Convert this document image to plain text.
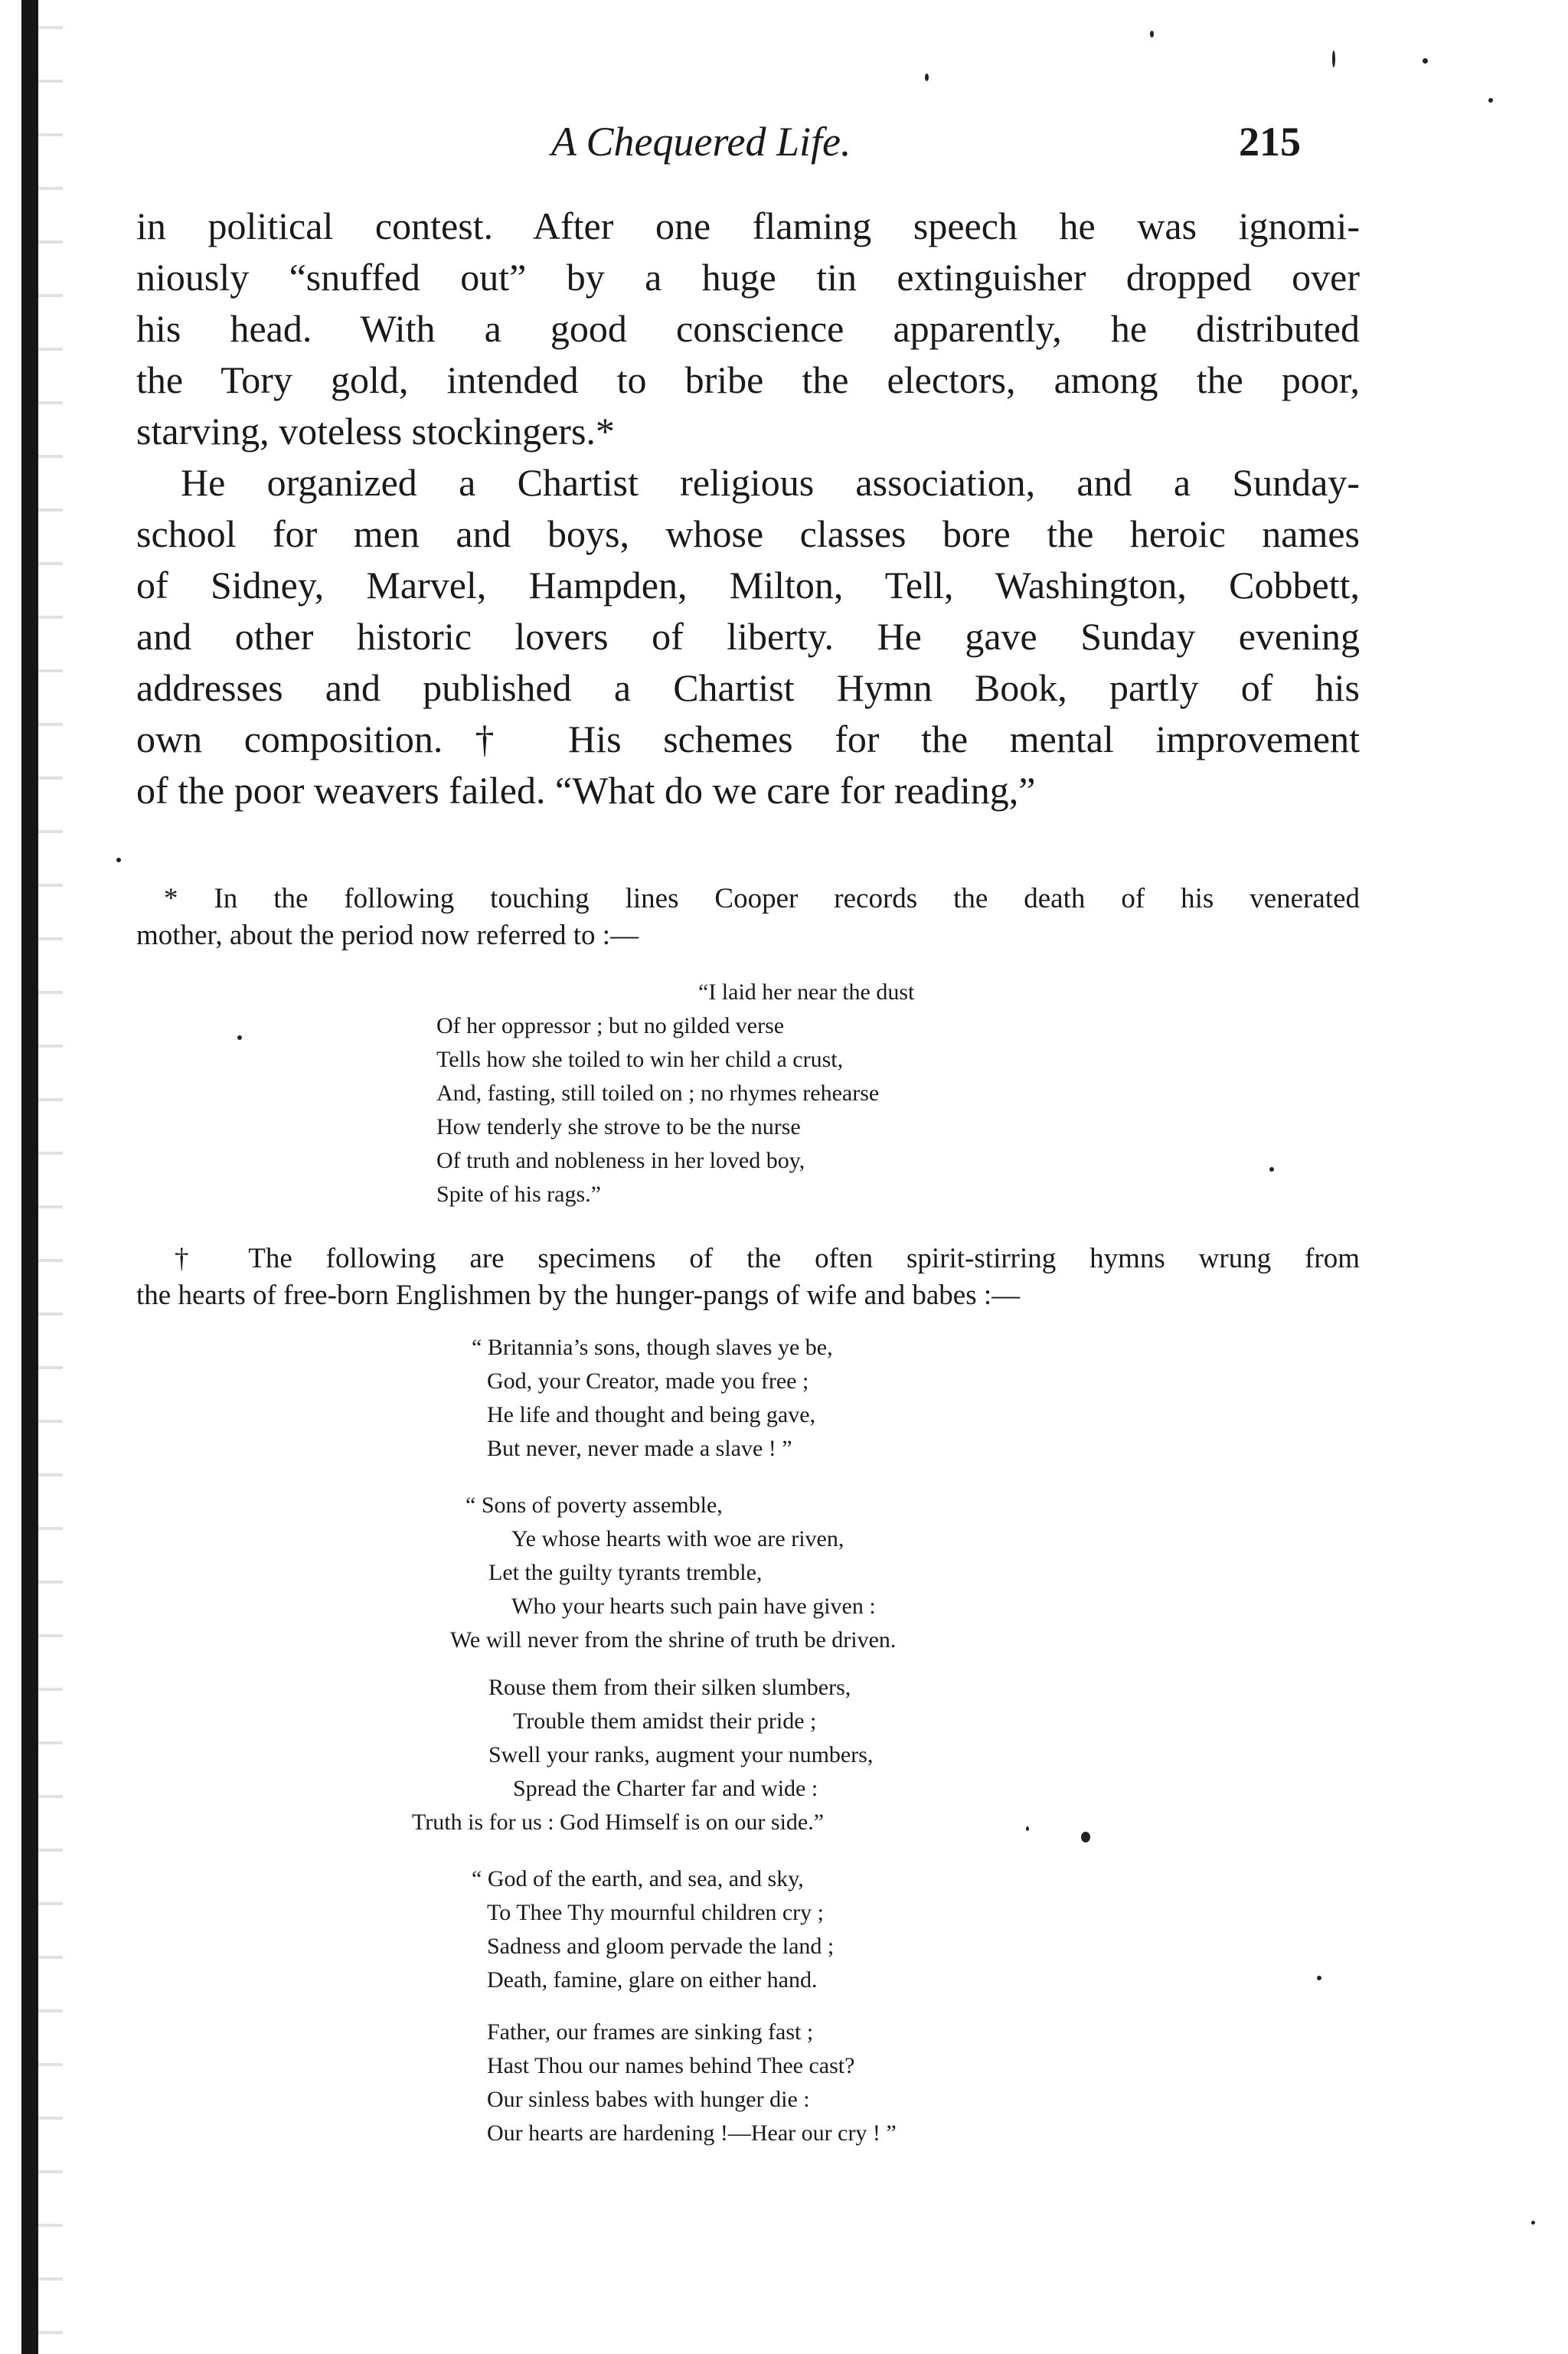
A Chequered Life.	215
in political contest. After one flaming speech he was ignomi-
niously “snuffed out” by a huge tin extinguisher dropped over
his head. With a good conscience apparently, he distributed
the Tory gold, intended to bribe the electors, among the poor,
starving, voteless stockingers.*
He organized a Chartist religious association, and a Sunday-
school for men and boys, whose classes bore the heroic names
of Sidney, Marvel, Hampden, Milton, Tell, Washington, Cobbett,
and other historic lovers of liberty. He gave Sunday evening
addresses and published a Chartist Hymn Book, partly of his
own composition.† His schemes for the mental improvement
of the poor weavers failed. “What do we care for reading,”
* In the following touching lines Cooper records the death of his venerated
mother, about the period now referred to :—
“I laid her near the dust
Of her oppressor ; but no gilded verse
Tells how she toiled to win her child a crust,
And, fasting, still toiled on ; no rhymes rehearse
How tenderly she strove to be the nurse
Of truth and nobleness in her loved boy,
Spite of his rags.”
† The following are specimens of the often spirit-stirring hymns wrung from
the hearts of free-born Englishmen by the hunger-pangs of wife and babes :—
“ Britannia’s sons, though slaves ye be,
God, your Creator, made you free ;
He life and thought and being gave,
But never, never made a slave ! ”
“ Sons of poverty assemble,
Ye whose hearts with woe are riven,
Let the guilty tyrants tremble,
Who your hearts such pain have given :
We will never from the shrine of truth be driven.
Rouse them from their silken slumbers,
Trouble them amidst their pride ;
Swell your ranks, augment your numbers,
Spread the Charter far and wide :
Truth is for us : God Himself is on our side.”
“ God of the earth, and sea, and sky,
To Thee Thy mournful children cry ;
Sadness and gloom pervade the land ;
Death, famine, glare on either hand.
Father, our frames are sinking fast ;
Hast Thou our names behind Thee cast?
Our sinless babes with hunger die :
Our hearts are hardening !—Hear our cry ! ”
